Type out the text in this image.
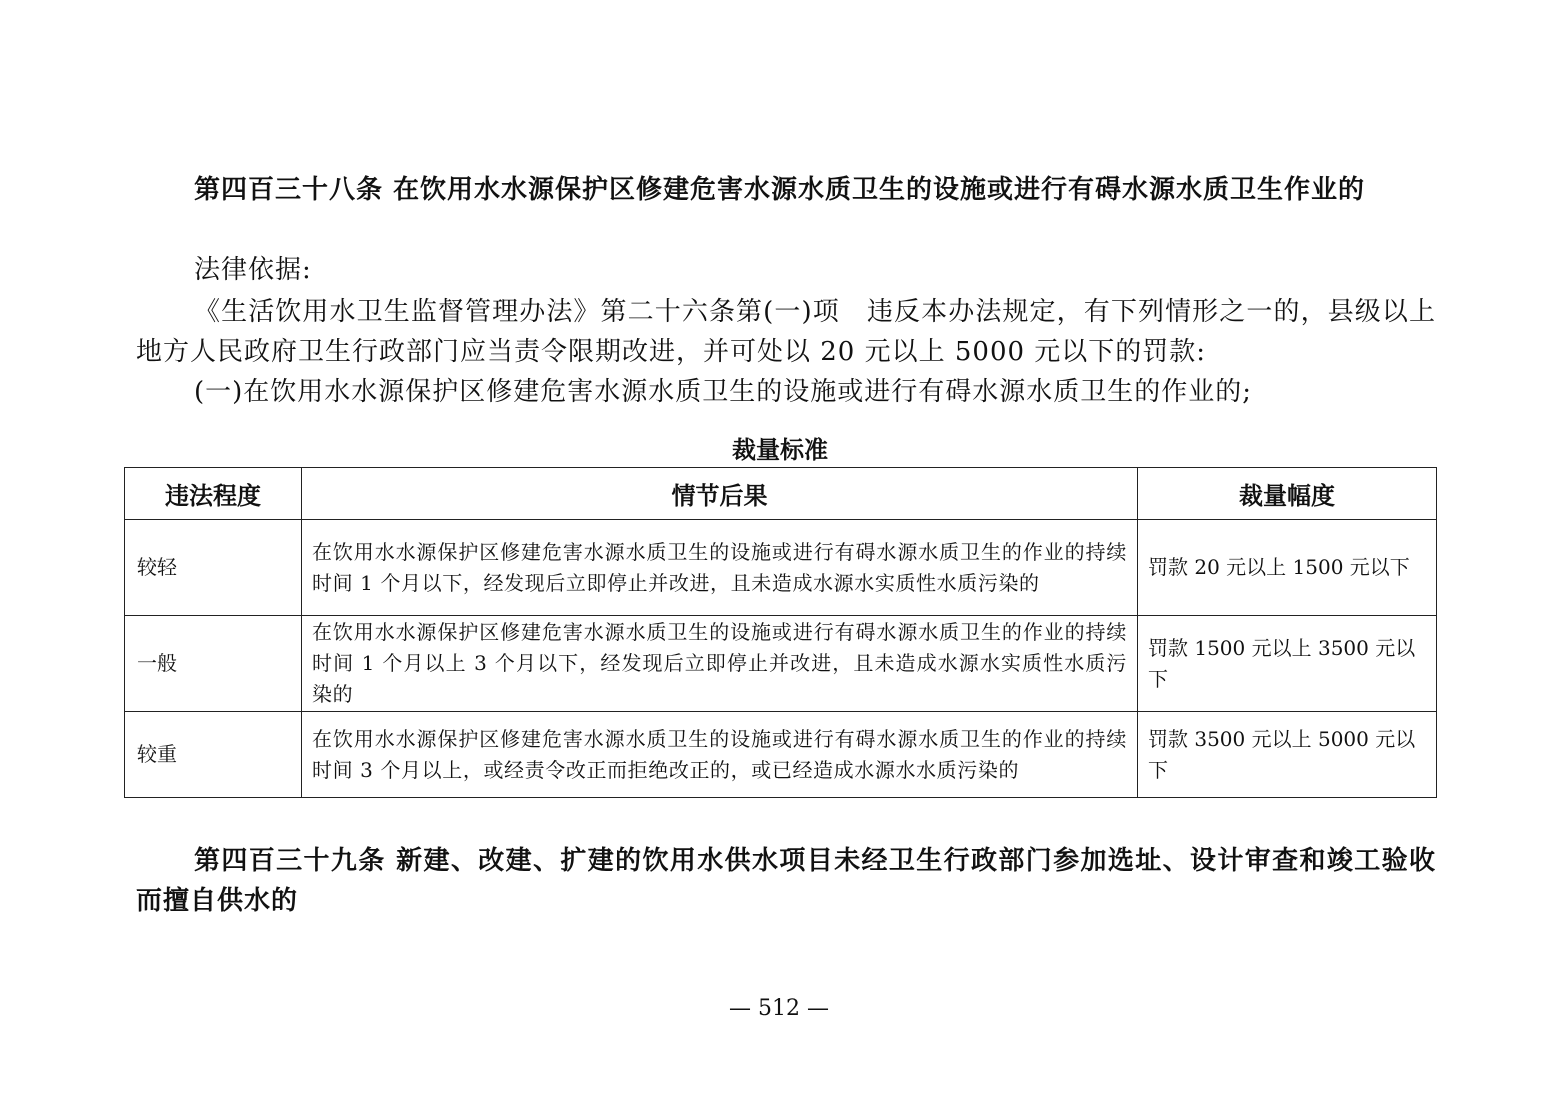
第四百三十八条 在饮用水水源保护区修建危害水源水质卫生的设施或进行有碍水源水质卫生作业的

法律依据:

《生活饮用水卫生监督管理办法》第二十六条第(一)项　违反本办法规定，有下列情形之一的，县级以上地方人民政府卫生行政部门应当责令限期改进，并可处以 20 元以上 5000 元以下的罚款:

(一)在饮用水水源保护区修建危害水源水质卫生的设施或进行有碍水源水质卫生的作业的;

裁量标准
违法程度	情节后果	裁量幅度
较轻	在饮用水水源保护区修建危害水源水质卫生的设施或进行有碍水源水质卫生的作业的持续时间 1 个月以下，经发现后立即停止并改进，且未造成水源水实质性水质污染的	罚款 20 元以上 1500 元以下
一般	在饮用水水源保护区修建危害水源水质卫生的设施或进行有碍水源水质卫生的作业的持续时间 1 个月以上 3 个月以下，经发现后立即停止并改进，且未造成水源水实质性水质污染的	罚款 1500 元以上 3500 元以下
较重	在饮用水水源保护区修建危害水源水质卫生的设施或进行有碍水源水质卫生的作业的持续时间 3 个月以上，或经责令改正而拒绝改正的，或已经造成水源水水质污染的	罚款 3500 元以上 5000 元以下

第四百三十九条 新建、改建、扩建的饮用水供水项目未经卫生行政部门参加选址、设计审查和竣工验收而擅自供水的

— 512 —
